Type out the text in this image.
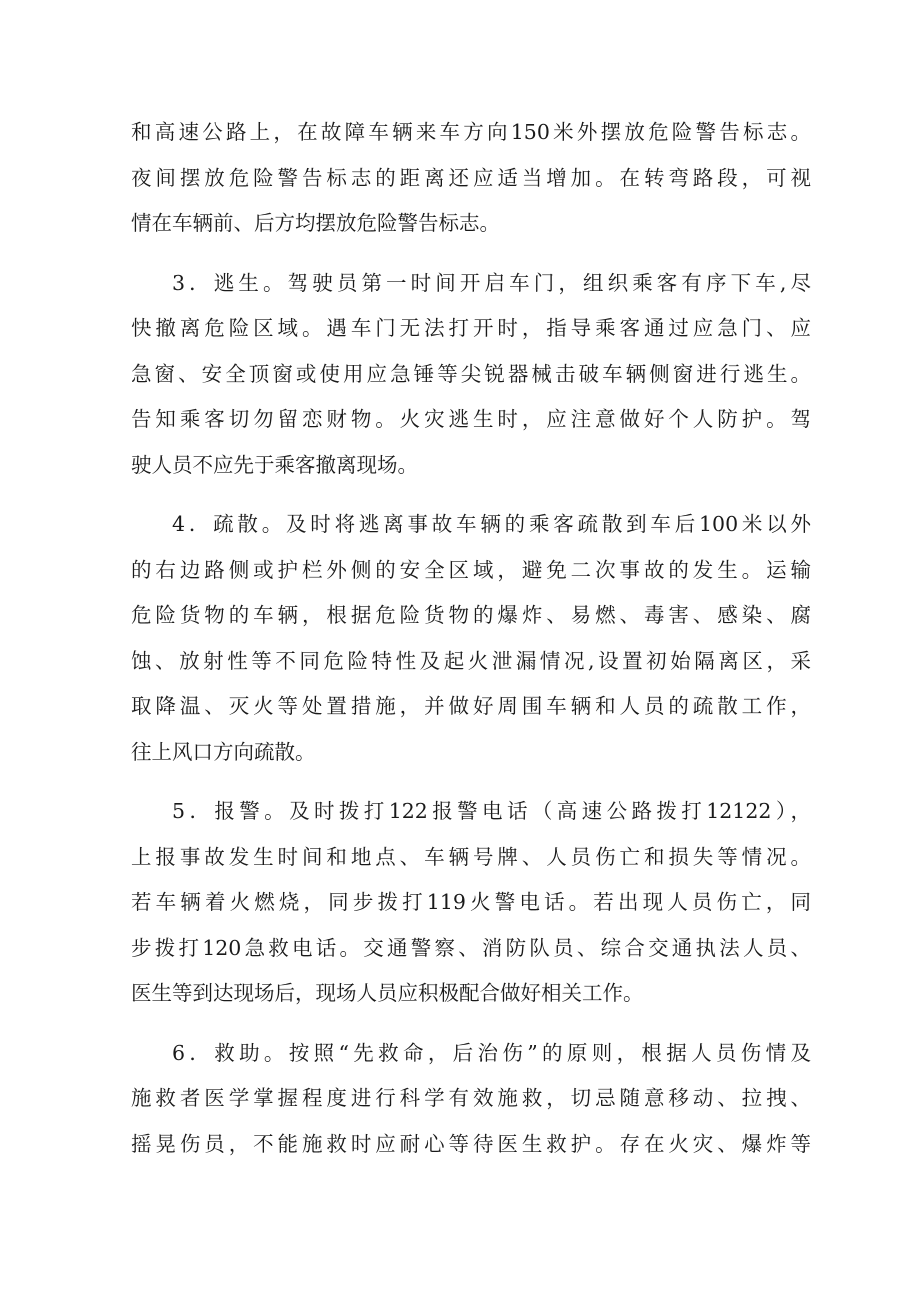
和高速公路上，在故障车辆来车方向150米外摆放危险警告标志。
夜间摆放危险警告标志的距离还应适当增加。在转弯路段，可视
情在车辆前、后方均摆放危险警告标志。
3．逃生。驾驶员第一时间开启车门，组织乘客有序下车,尽
快撤离危险区域。遇车门无法打开时，指导乘客通过应急门、应
急窗、安全顶窗或使用应急锤等尖锐器械击破车辆侧窗进行逃生。
告知乘客切勿留恋财物。火灾逃生时，应注意做好个人防护。驾
驶人员不应先于乘客撤离现场。
4．疏散。及时将逃离事故车辆的乘客疏散到车后100米以外
的右边路侧或护栏外侧的安全区域，避免二次事故的发生。运输
危险货物的车辆，根据危险货物的爆炸、易燃、毒害、感染、腐
蚀、放射性等不同危险特性及起火泄漏情况,设置初始隔离区，采
取降温、灭火等处置措施，并做好周围车辆和人员的疏散工作，
往上风口方向疏散。
5．报警。及时拨打122报警电话（高速公路拨打12122），
上报事故发生时间和地点、车辆号牌、人员伤亡和损失等情况。
若车辆着火燃烧，同步拨打119火警电话。若出现人员伤亡，同
步拨打120急救电话。交通警察、消防队员、综合交通执法人员、
医生等到达现场后，现场人员应积极配合做好相关工作。
6．救助。按照“先救命，后治伤”的原则，根据人员伤情及
施救者医学掌握程度进行科学有效施救，切忌随意移动、拉拽、
摇晃伤员，不能施救时应耐心等待医生救护。存在火灾、爆炸等
